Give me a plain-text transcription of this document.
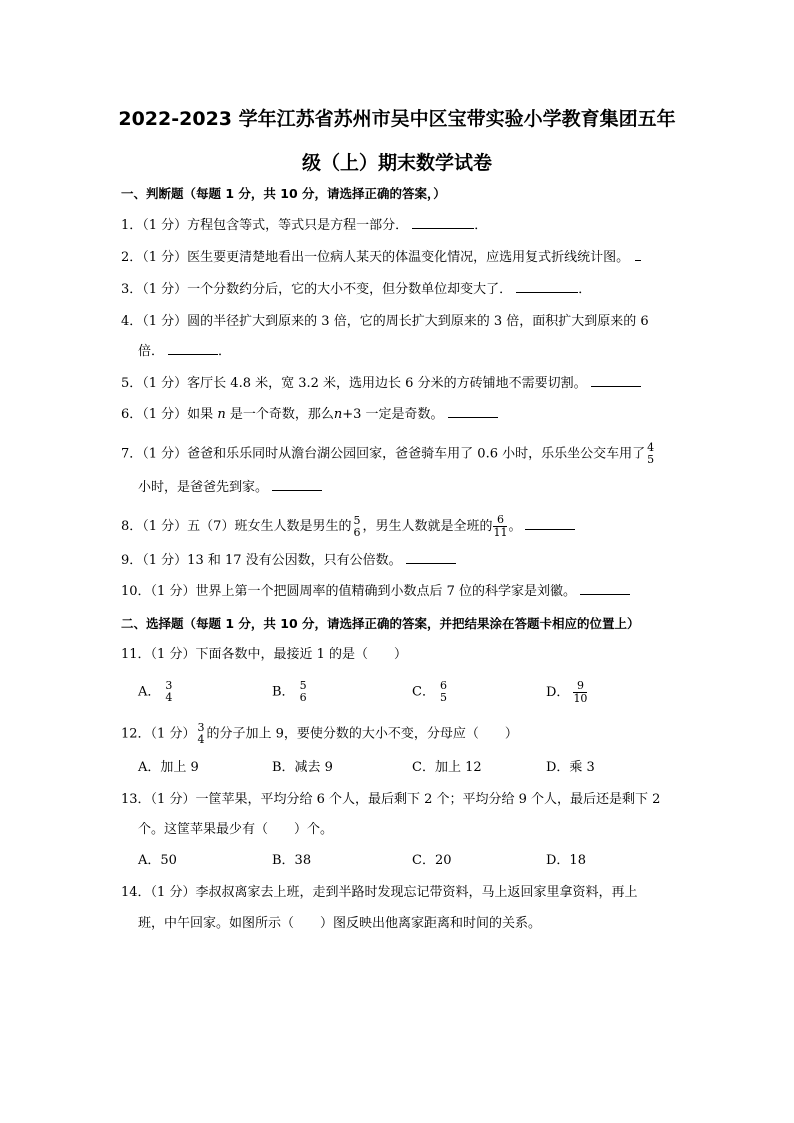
2022-2023 学年江苏省苏州市吴中区宝带实验小学教育集团五年
级（上）期末数学试卷
一、判断题（每题 1 分，共 10 分，请选择正确的答案，）
1．（1 分）方程包含等式，等式只是方程一部分．	．
2．（1 分）医生要更清楚地看出一位病人某天的体温变化情况，应选用复式折线统计图。
3．（1 分）一个分数约分后，它的大小不变，但分数单位却变大了．	．
4．（1 分）圆的半径扩大到原来的 3 倍，它的周长扩大到原来的 3 倍，面积扩大到原来的 6
倍．	．
5．（1 分）客厅长 4.8 米，宽 3.2 米，选用边长 6 分米的方砖铺地不需要切割。
6．（1 分）如果 n 是一个奇数，那么n+3 一定是奇数。
7．（1 分）爸爸和乐乐同时从澹台湖公园回家，爸爸骑车用了 0.6 小时，乐乐坐公交车用了 4
5
小时，是爸爸先到家。
8．（1 分）五（7）班女生人数是男生的 5
6 ，男生人数就是全班的 $\frac{6}{11}$ 。
9．（1 分）13 和 17 没有公因数，只有公倍数。
10．（1 分）世界上第一个把圆周率的值精确到小数点后 7 位的科学家是刘徽。
二、选择题（每题 1 分，共 10 分，请选择正确的答案，并把结果涂在答题卡相应的位置上）
11．（1 分）下面各数中，最接近 1 的是（　　）
A． 3
4	B． 5
6	C． 6
5	D． $\frac{9}{10}$
12．（1 分） 3
4 的分子加上 9，要使分数的大小不变，分母应（　　）
A．加上 9	B．减去 9	C．加上 12	D．乘 3
13．（1 分）一筐苹果，平均分给 6 个人，最后剩下 2 个；平均分给 9 个人，最后还是剩下 2
个。这筐苹果最少有（　　）个。
A．50	B．38	C．20	D．18
14．（1 分）李叔叔离家去上班，走到半路时发现忘记带资料，马上返回家里拿资料，再上
班，中午回家。如图所示（　　）图反映出他离家距离和时间的关系。
